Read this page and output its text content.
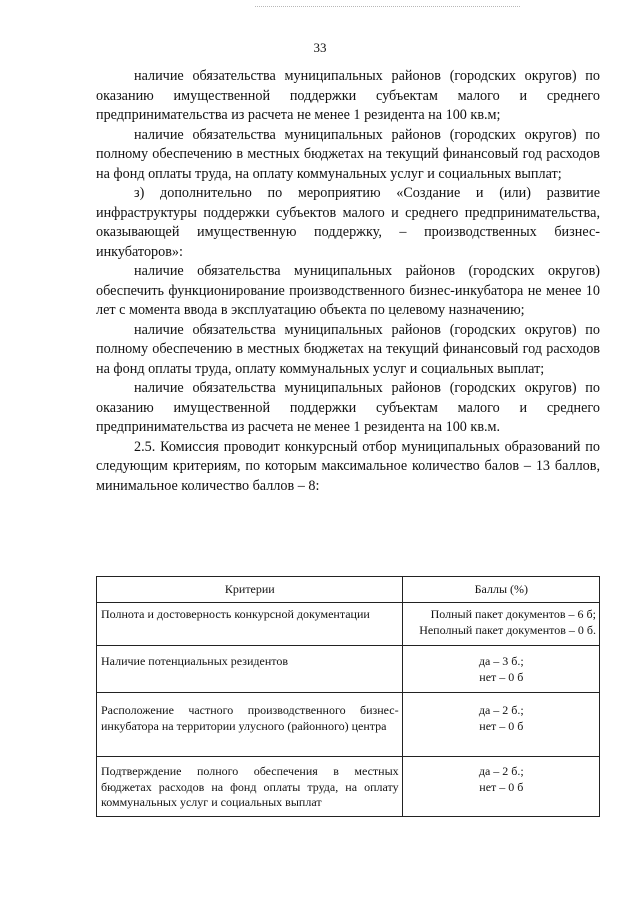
33

наличие обязательства муниципальных районов (городских округов) по оказанию имущественной поддержки субъектам малого и среднего предпринимательства из расчета не менее 1 резидента на 100 кв.м;

наличие обязательства муниципальных районов (городских округов) по полному обеспечению в местных бюджетах на текущий финансовый год расходов на фонд оплаты труда, на оплату коммунальных услуг и социальных выплат;

з) дополнительно по мероприятию «Создание и (или) развитие инфраструктуры поддержки субъектов малого и среднего предпринимательства, оказывающей имущественную поддержку, – производственных бизнес-инкубаторов»:

наличие обязательства муниципальных районов (городских округов) обеспечить функционирование производственного бизнес-инкубатора не менее 10 лет с момента ввода в эксплуатацию объекта по целевому назначению;

наличие обязательства муниципальных районов (городских округов) по полному обеспечению в местных бюджетах на текущий финансовый год расходов на фонд оплаты труда, оплату коммунальных услуг и социальных выплат;

наличие обязательства муниципальных районов (городских округов) по оказанию имущественной поддержки субъектам малого и среднего предпринимательства из расчета не менее 1 резидента на 100 кв.м.

2.5. Комиссия проводит конкурсный отбор муниципальных образований по следующим критериям, по которым максимальное количество балов – 13 баллов, минимальное количество баллов – 8:

Критерии	Баллы (%)
Полнота и достоверность конкурсной документации	Полный пакет документов – 6 б;
Неполный пакет документов – 0 б.

Наличие потенциальных резидентов	да – 3 б.;
нет – 0 б

Расположение частного производственного бизнес-инкубатора на территории улусного (районного) центра	да – 2 б.;
нет – 0 б

Подтверждение полного обеспечения в местных бюджетах расходов на фонд оплаты труда, на оплату коммунальных услуг и социальных выплат	да – 2 б.;
нет – 0 б
